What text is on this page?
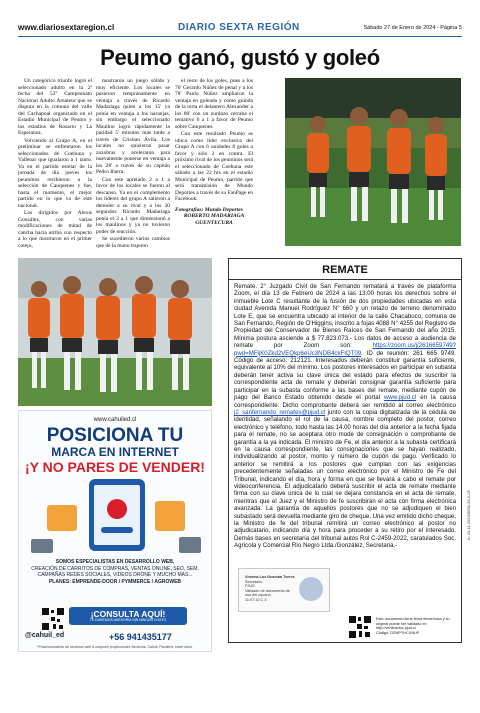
www.diariosextaregion.cl	DIARIO SEXTA REGIÓN	Sábado 27 de Enero de 2024 - Página 5
Peumo ganó, gustó y goleó

Un categórico triunfo logró el seleccionado adulto en la 2ª fecha del 53° Campeonato Nacional Adulto Amateur que se disputa en la comuna del valle del Cachapoal organizado en el Estadio Municipal de Peumo y los estadios de Rosario y La Esperanza.

Volviendo al Grupo A, en el preliminar se enfrentaron los seleccionados de Coehuna y Vallenar que igualaron a 1 tanto. Ya en el partido estelar de la jornada de dia jueves los peumínos recibieron a la selección de Cauquenes y fue, hasta el momento, el mejor partido en lo que va de este nacional.

Los dirigidos por Alexis González, con varias modificaciones de mitad de cancha hacia arriba con respecto a lo que mostraron en el primer cotejo,

mostraron un juego sólido y muy eficiente. Los locales se pusieron tempranamente en ventaja a través de Ricardo Madariaga quien a los 15' ya ponía en ventaja a los naranjas, sin embargo el seleccionado Maulino logró rápidamente la paridad 5' minutos más tarde a través de Cristian Ávila. Los locales no quisieron pasar zozobras y aceleraron para nuevamente ponerse en ventaja a los 28' a través de su capitán Pedro Ibarra.

Con este apretado 2 a 1 a favor de los locales se fueron al descanso. Ya en el complemento los líderes del grupo A salieron a demoler a su rival y a los 30 segundos Ricardo Madariaga ponía el 3 a 1 que dimensionó a los maulinos y ya no tuvieron poder de reacción.

Se sucedieron varios cambios que de la mano trajeron

el resto de los goles, pues a los 70' Gerardo Núñez de penal y a los 78' Paulo Núñez ampliaron la ventaja en goleada y como guinda de la torta el delantero Alexander a los 80' con un zurdazo cerraba el tentativo 6 a 1 a favor de Peumo sobre Cauquenes.

Con este resultado Peumo se ubica como líder exclusivo del Grupo A con 6 unidades 8 goles a favor y sólo 2 en contra. El próximo rival de los peumínos será el seleccionado de Coehuna este sábado a las 22 hrs en el estadio Municipal de Peumo, partido que será transmisión de Mundo Deportes a través de su FanPage en Facebook.

Fotografías: Mundo Deportes
ROBERTO MADARIAGA GUENTECURA
www.cahuiled.cl
POSICIONA TU
MARCA EN INTERNET
¡Y NO PARES DE VENDER!
SOMOS ESPECIALISTAS EN DESARROLLO WEB,
CREACIÓN DE CARRITOS DE COMPRAS, VENTAS ONLINE, SEO, SEM, CAMPAÑAS REDES SOCIALES, VIDEOS DRONE Y MUCHO MAS...
PLANES: EMPRENDE-DOOR / PYMMERCE / AGROWEB
¡CONSULTA AQUÍ!
TE DAREMOS ASESORÍA SIN NINGÚN COSTO
@cahuil_ed	+56 941435177
*Posicionamiento de servicios web & mayores proyecciones Servicios: Cahuil, Pandemi, entre otros.
REMATE
Remate. 2° Juzgado Civil de San Fernando rematará a través de plataforma Zoom, el día 13 de Febrero de 2024 a las 13.00 horas los derechos sobre el inmueble Lote C resultante de la fusión de dos propiedades ubicadas en esta ciudad Avenida Manuel Rodríguez N° 660 y un retazo de terreno denominado Lote E, que se encuentra ubicado al interior de la calle Chacabuco, comuna de San Fernando, Región de O'Higgins, inscrito a fojas 4088 N° 4255 del Registro de Propiedad del Conservador de Bienes Raíces de San Fernando del año 2015. Mínima postura asciende a $ 77.823.073.- Los datos de acceso a audiencia de remate por Zoom son:	https://zoom.us/j/2616659749?pwd=MFljK0Zkd2VEQkp6eUc3NDB4ckFIQT09. ID de reunión: 261 665 9749. Código de acceso: 212121. Interesados deberán constituir garantía suficiente, equivalente al 10% del mínimo. Los postores interesados en participar en subasta deberán tener activa su clave única del estado para efectos de suscribir la correspondiente acta de remate y deberán consignar garantía suficiente para participar en la subasta conforme a las bases del remate, mediante cupón de pago del Banco Estado obtenido desde el portal www.pjud.cl en la causa correspondiente. Dicho comprobante deberá ser remitido al correo electrónico j2_sanfernando_remates@pjud.cl junto con la copia digitalizada de la cédula de identidad, señalando el rol de la causa, nombre completo del postor, correo electrónico y teléfono, todo hasta las 14.00 horas del día anterior a la fecha fijada para el remate, no se aceptara otro mode de consignación o comprobante de garantía a la ya indicada. El ministro de Fe, el día anterior a la subasta certificará en la causa correspondiente, las consignaciones que se hayan realizado, individualizando al postor, monto y número de cupón de pago. Verificado lo anterior se remitirá a los postores que cumplan con las exigencias precedentemente señaladas un correo electrónico por el Ministro de Fe del Tribunal, indicando el día, hora y forma en que se llevará a cabo el remate por videoconferencia. El adjudicatario deberá suscribir el acta de remate mediante firma con su clave única de lo cual se dejara constancia en el acta de remate, mientras que el Juez y el Ministro de fe suscribirán el acta con firma electrónica avanzada. La garantía de aquellos postores que no se adjudiquen el bien subastado será devuelta mediante giro de cheque. Una vez emitido dicho cheque, la Ministro de fe del tribunal remitirá un correo electrónico al postor no adjudicatario, indicando día y hora para proceder a su retiro por el interesado. Demás bases en secretaría del tribunal autos Rol C-2459-2022, caratulados Soc. Agrícola y Comercial Río Negro Ltda./González, Secretaria.-
Ximena Luz Guzmán Torres
Secretario
PJUD
Validado de documento de uso del usuario
11:07:10 C 3
Este documento tiene firma electrónica y su original puede ser validado en http://verificadoc.pjud.cl
Código: DZMPYHCXNUP
A: 11-11-2023/0034-34-2-25
